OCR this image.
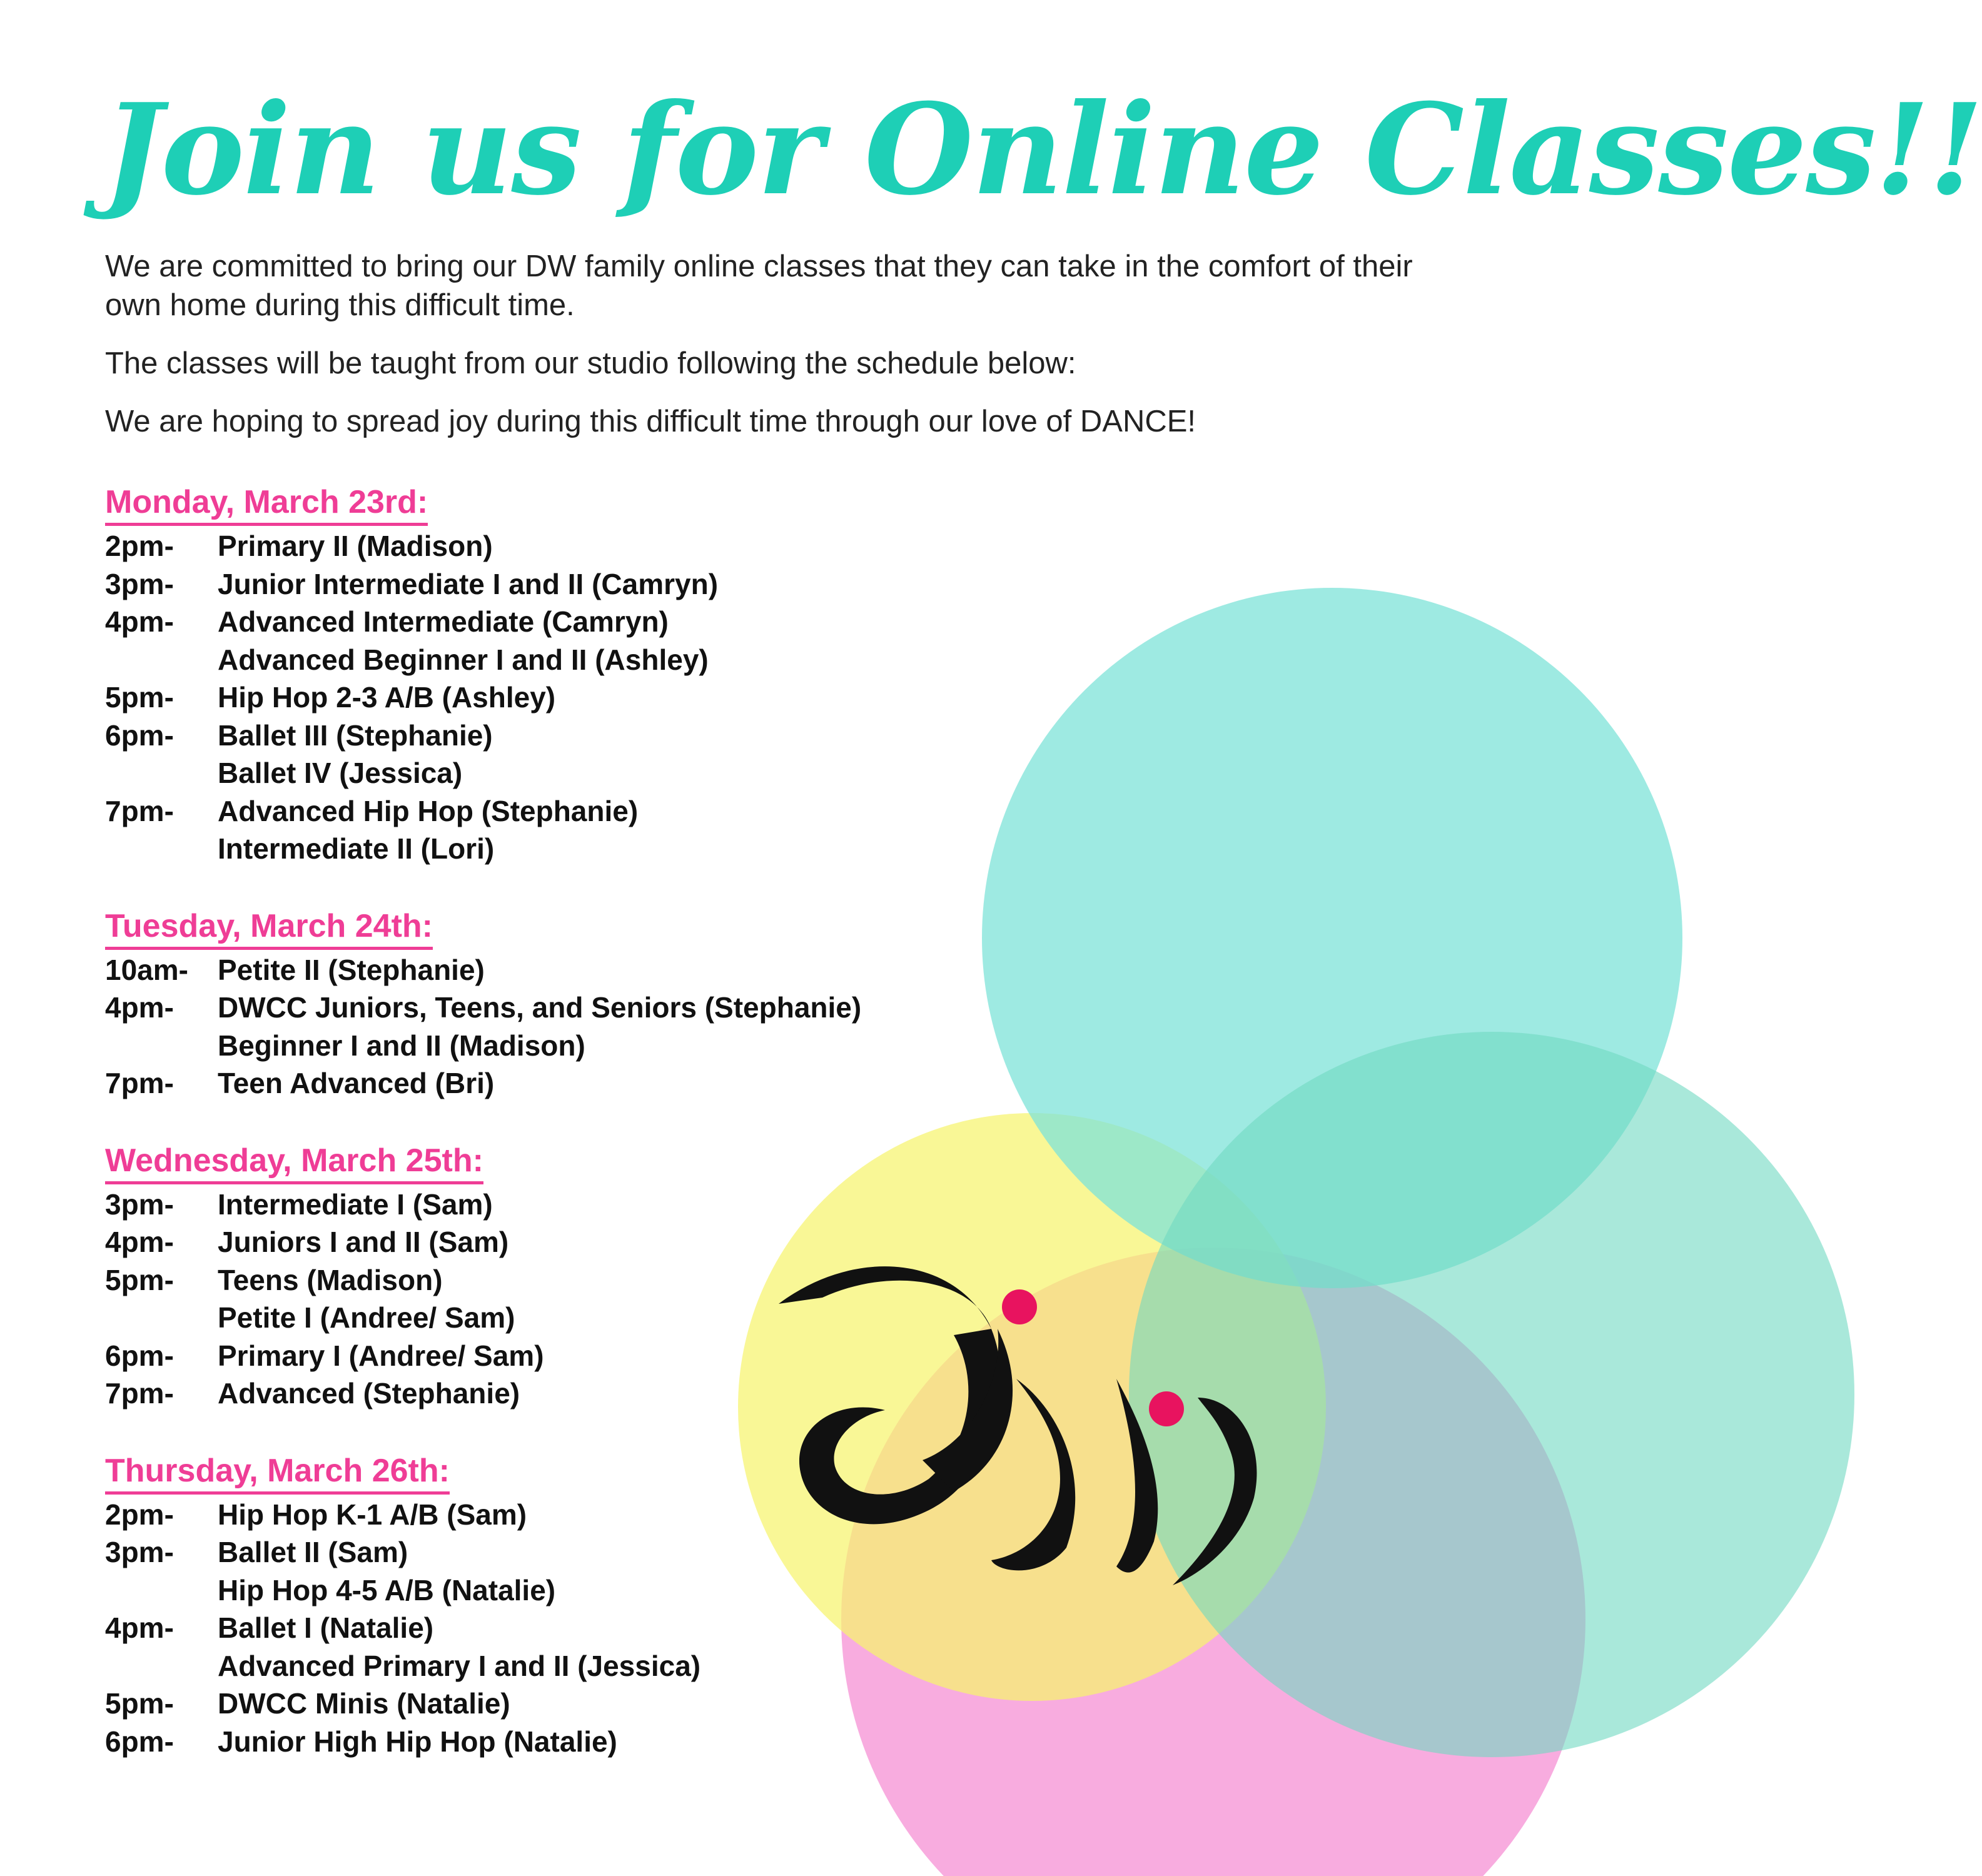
Join us for Online Classes!!

We are committed to bring our DW family online classes that they can take in the comfort of their own home during this difficult time.

The classes will be taught from our studio following the schedule below:

We are hoping to spread joy during this difficult time through our love of DANCE!

Monday, March 23rd:
2pm-	Primary II (Madison)
3pm-	Junior Intermediate I and II (Camryn)
4pm-	Advanced Intermediate (Camryn)
Advanced Beginner I and II (Ashley)
5pm-	Hip Hop 2-3 A/B (Ashley)
6pm-	Ballet III (Stephanie)
Ballet IV (Jessica)
7pm-	Advanced Hip Hop (Stephanie)
Intermediate II (Lori)
Tuesday, March 24th:
10am-	Petite II (Stephanie)
4pm-	DWCC Juniors, Teens, and Seniors (Stephanie)
Beginner I and II (Madison)
7pm-	Teen Advanced (Bri)
Wednesday, March 25th:
3pm-	Intermediate I (Sam)
4pm-	Juniors I and II (Sam)
5pm-	Teens (Madison)
Petite I (Andree/ Sam)
6pm-	Primary I (Andree/ Sam)
7pm-	Advanced (Stephanie)
Thursday, March 26th:
2pm-	Hip Hop K-1 A/B (Sam)
3pm-	Ballet II (Sam)
Hip Hop 4-5 A/B (Natalie)
4pm-	Ballet I (Natalie)
Advanced Primary I and II (Jessica)
5pm-	DWCC Minis (Natalie)
6pm-	Junior High Hip Hop (Natalie)
